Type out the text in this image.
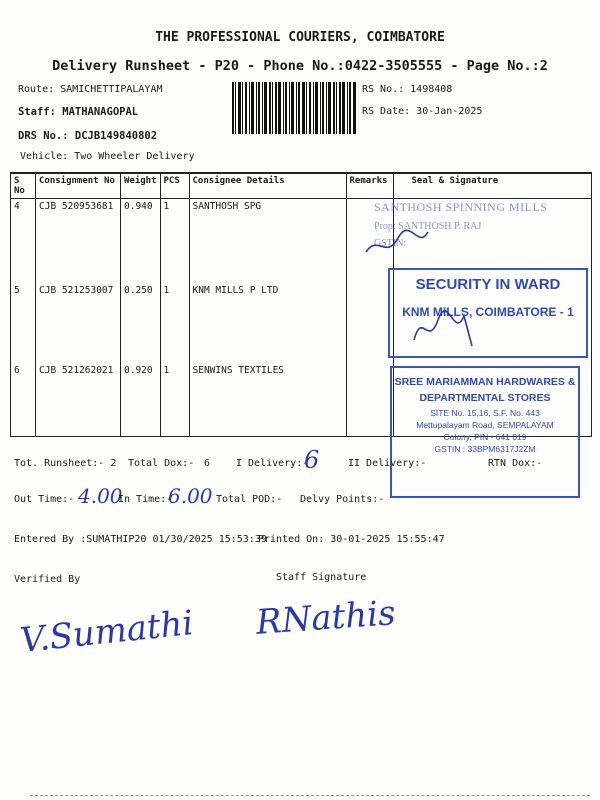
THE PROFESSIONAL COURIERS, COIMBATORE
Delivery Runsheet - P20 - Phone No.:0422-3505555 - Page No.:2
Route: SAMICHETTIPALAYAM
Staff: MATHANAGOPAL
DRS No.: DCJB149840802
Vehicle: Two Wheeler Delivery
RS No.: 1498408
RS Date: 30-Jan-2025
S No	Consignment No	Weight	PCS	Consignee Details	Remarks	Seal & Signature
4	CJB 520953681	0.940	1	SANTHOSH SPG		
5	CJB 521253007	0.250	1	KNM MILLS P LTD		
6	CJB 521262021	0.920	1	SENWINS TEXTILES		
SANTHOSH SPINNING MILLS
Prop: SANTHOSH P. RAJ
GSTIN:
SECURITY IN WARD
KNM MILLS, COIMBATORE - 1
SREE MARIAMMAN HARDWARES &
DEPARTMENTAL STORES
SITE No. 15,16, S.F. No. 443
Mettupalayam Road, SEMPALAYAM
Colony, PIN - 641 019
GSTIN : 33BPM6317J2ZM
Tot. Runsheet:- 2 Total Dox:- 6	I Delivery:-
6	II Delivery:-	RTN Dox:-
Out Time:- 4.00
In Time:-
6.00 Total POD:- Delvy Points:-
Entered By :SUMATHIP20 01/30/2025 15:53:39
Printed On: 30-01-2025 15:55:47
Verified By	Staff Signature
V.Sumathi RNathis
